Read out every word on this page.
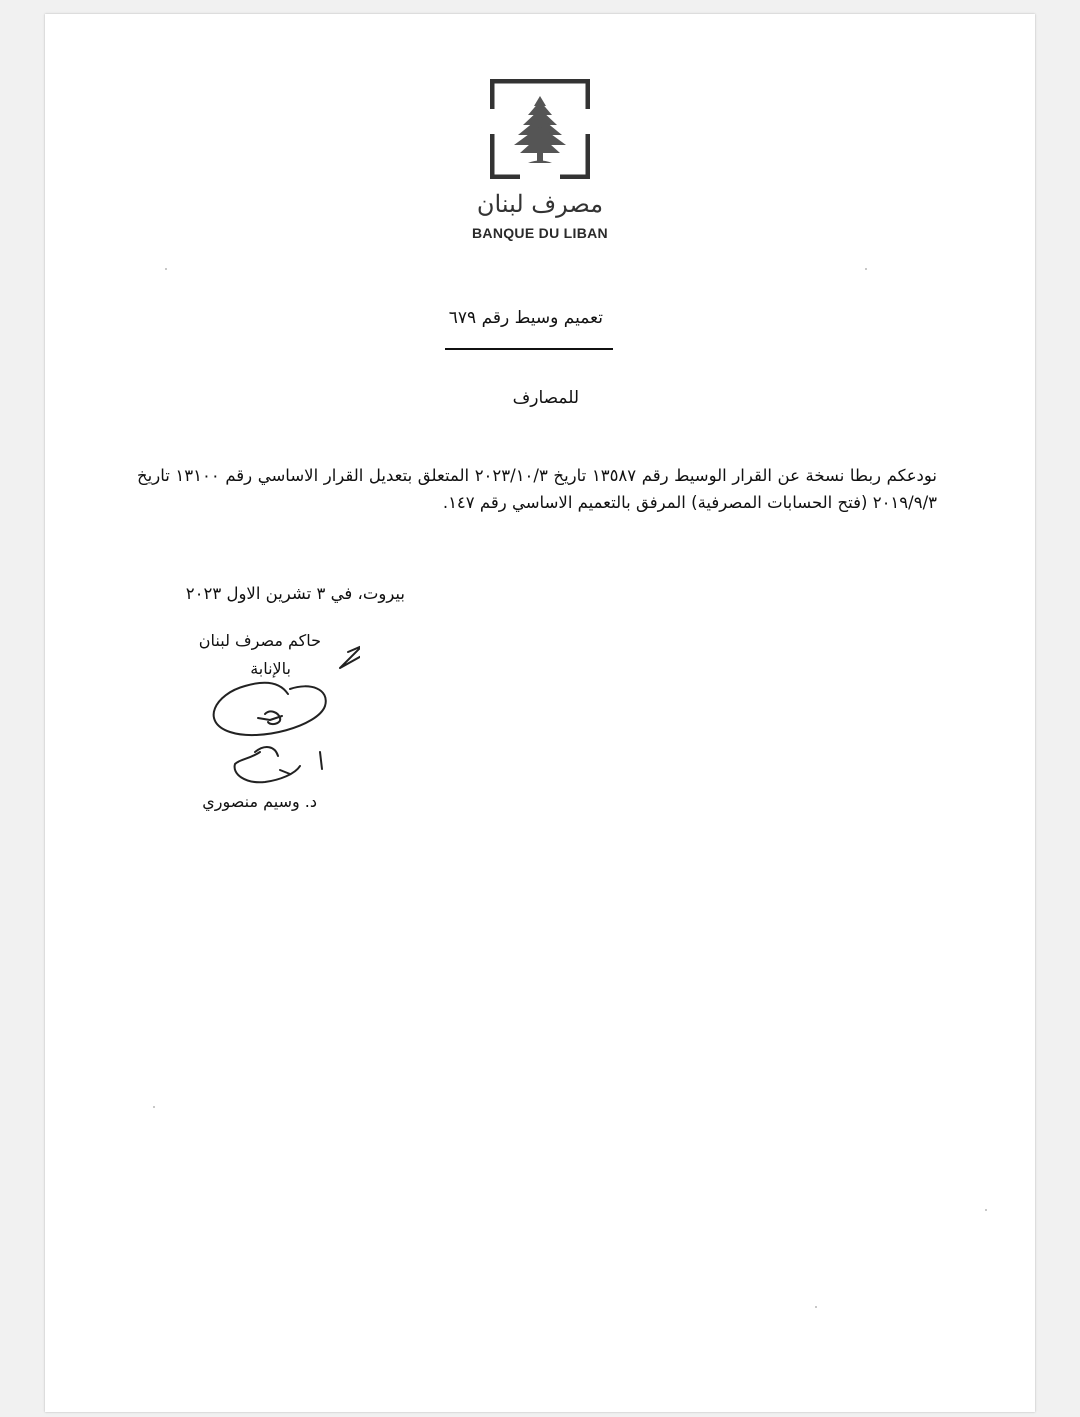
مصرف لبنان
BANQUE DU LIBAN
تعميم وسيط رقم ٦٧٩
للمصارف
نودعكم ربطا نسخة عن القرار الوسيط رقم ١٣٥٨٧ تاريخ ٢٠٢٣/١٠/٣ المتعلق بتعديل القرار الاساسي رقم ١٣١٠٠ تاريخ ٢٠١٩/٩/٣ (فتح الحسابات المصرفية) المرفق بالتعميم الاساسي رقم ١٤٧.
بيروت، في ٣ تشرين الاول ٢٠٢٣
حاكم مصرف لبنان
بالإنابة
د. وسيم منصوري
